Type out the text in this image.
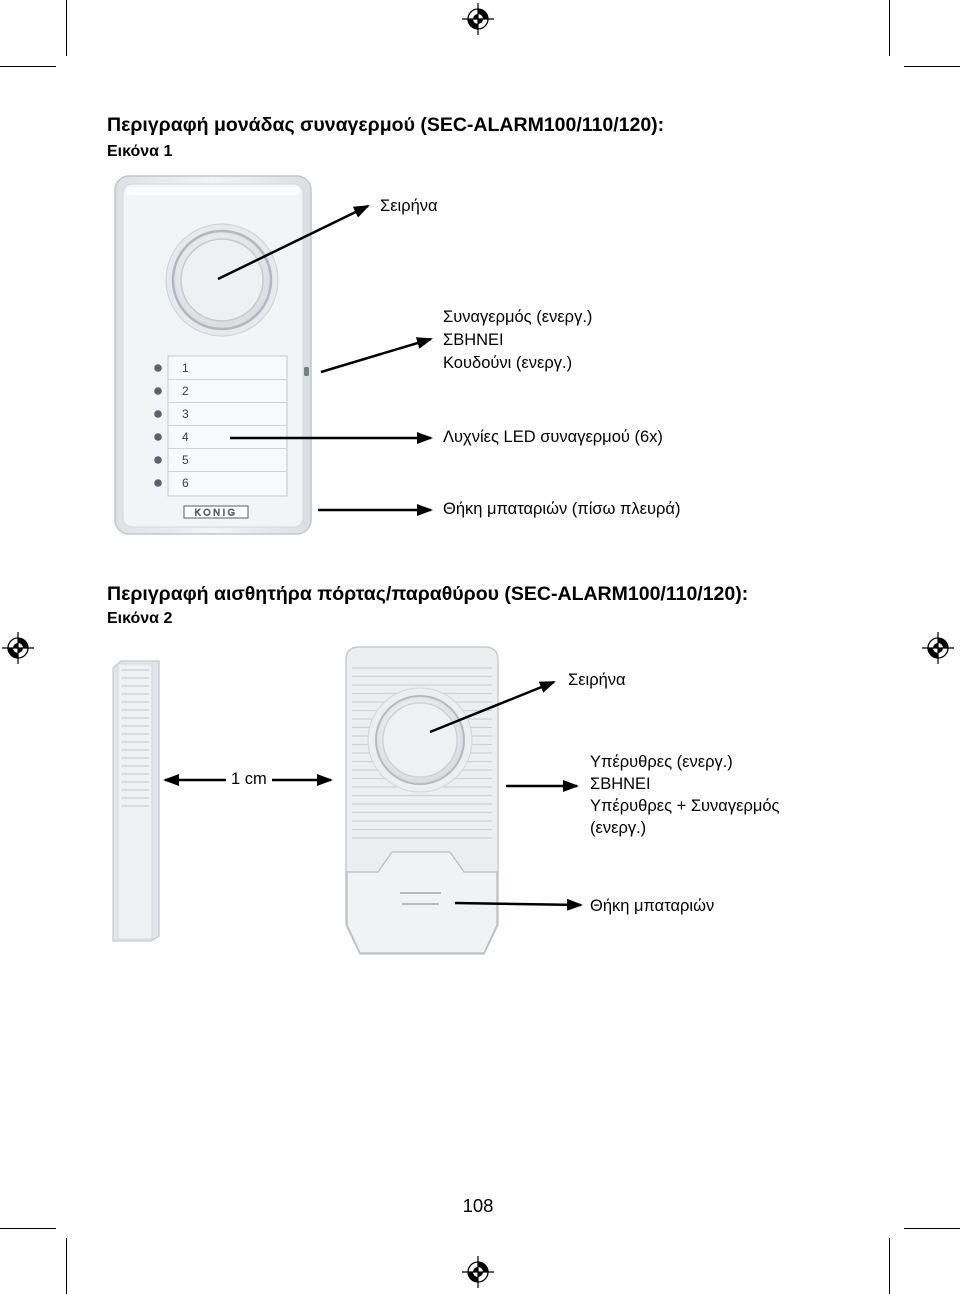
1
2
3
4
5
6
KONIG
Περιγραφή μονάδας συναγερμού (SEC-ALARM100/110/120):
Εικόνα 1
Σειρήνα
Συναγερμός (ενεργ.)
ΣΒΗΝΕΙ
Κουδούνι (ενεργ.)
Λυχνίες LED συναγερμού (6x)
Θήκη μπαταριών (πίσω πλευρά)
Περιγραφή αισθητήρα πόρτας/παραθύρου (SEC-ALARM100/110/120):
Εικόνα 2
Σειρήνα
1 cm
Υπέρυθρες (ενεργ.)
ΣΒΗΝΕΙ
Υπέρυθρες + Συναγερμός
(ενεργ.)
Θήκη μπαταριών
108
